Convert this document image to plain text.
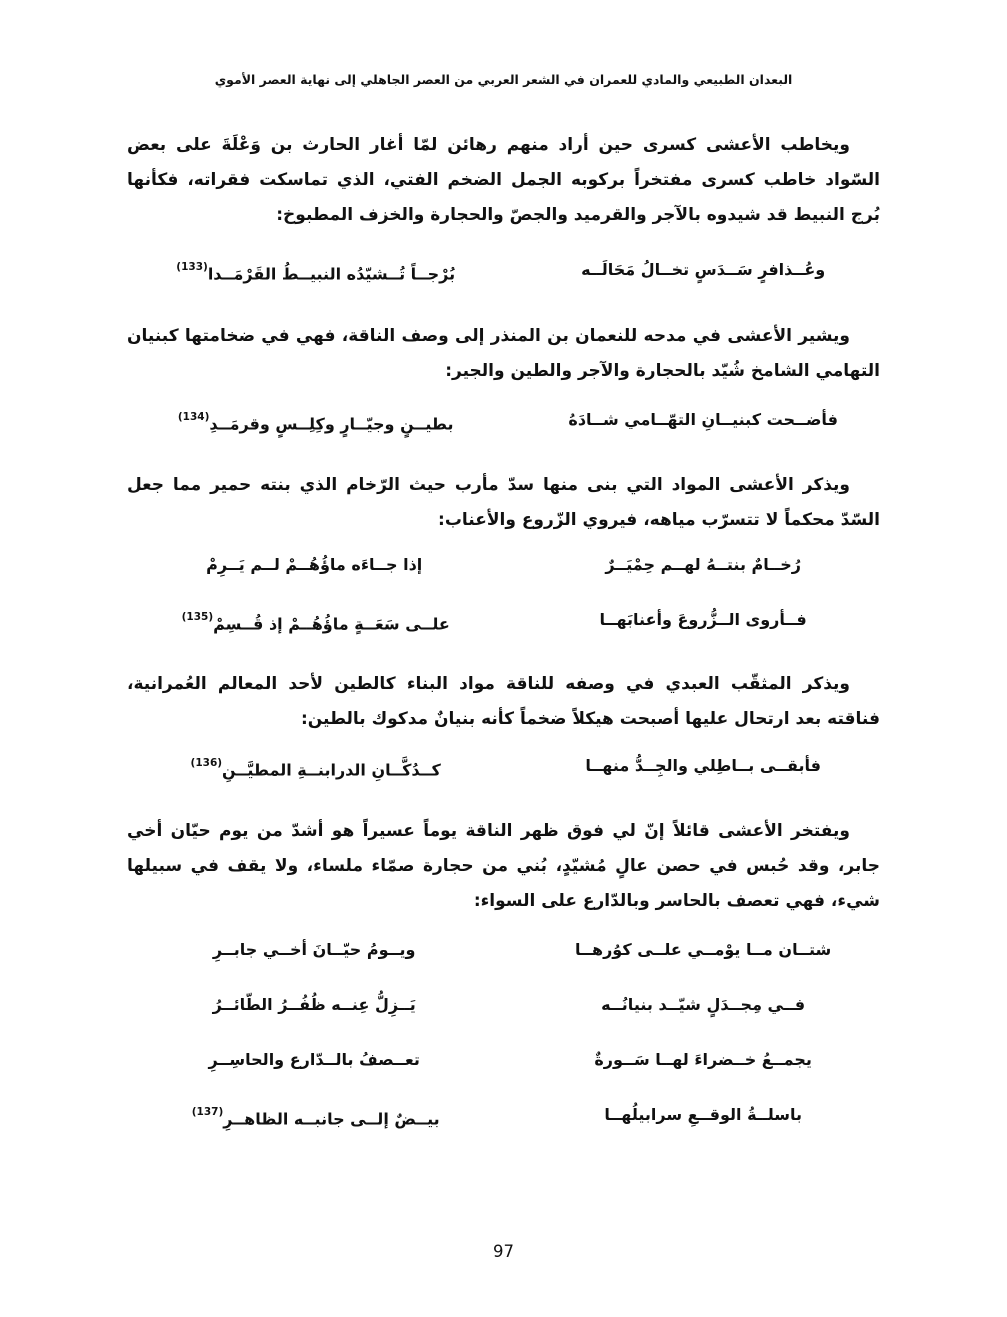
البعدان الطبيعي والمادي للعمران في الشعر العربي من العصر الجاهلي إلى نهاية العصر الأموي

ويخاطب الأعشى كسرى حين أراد منهم رهائن لمّا أغار الحارث بن وَعْلَةَ على بعض السّواد خاطب كسرى مفتخراً بركوبه الجمل الضخم الفتي، الذي تماسكت فقراته، فكأنها بُرج النبيط قد شيدوه بالآجر والقرميد والجصّ والحجارة والخزف المطبوخ:

وعُــذافرٍ سَــدَسٍ تخــالُ مَحَالَــه
بُرْجــاً تُــشيّدُه النبيــطُ القَرْمَــدا$^{(133)}$

ويشير الأعشى في مدحه للنعمان بن المنذر إلى وصف الناقة، فهي في ضخامتها كبنيان التهامي الشامخ شُيّد بالحجارة والآجر والطين والجير:

فأضــحت كبنيــانِ التهّــامي شــادَهُ
بطيــنٍ وجيّــارٍ وكِلِــسٍ وقرمَــدِ$^{(134)}$

ويذكر الأعشى المواد التي بنى منها سدّ مأرب حيث الرّخام الذي بنته حمير مما جعل السّدّ محكماً لا تتسرّب مياهه، فيروي الزّروع والأعناب:

رُخــامٌ بنتــهُ لهــم حِمْيَــرٌ
إذا جــاءَه ماؤُهُــمْ لــم يَــرِمْ
فــأروى الــزُّروعَ وأعنابَهــا
علــى سَعَــةٍ ماؤُهُــمْ إذ قُــسِمْ$^{(135)}$

ويذكر المثقّب العبدي في وصفه للناقة مواد البناء كالطين لأحد المعالم العُمرانية، فناقته بعد ارتحال عليها أصبحت هيكلاً ضخماً كأنه بنيانٌ مدكوك بالطين:

فأبقــى بــاطِلي والجِــدُّ منهــا
كــدُكَّــانِ الدرابنــةِ المطيَّــنِ$^{(136)}$

ويفتخر الأعشى قائلاً إنّ لي فوق ظهر الناقة يوماً عسيراً هو أشدّ من يوم حيّان أخي جابر، وقد حُبس في حصن عالٍ مُشيّدٍ، بُني من حجارة صمّاء ملساء، ولا يقف في سبيلها شيء، فهي تعصف بالحاسر وبالدّارع على السواء:

شتــان مــا يوْمــي علــى كوُرهــا
ويــومُ حيّــانَ أخــي جابــرِ
فــي مِجــدَلٍ شيّــد بنيانُــه
يَــزِلُّ عِنــه ظُفُــرُ الطّائــرُ
يجمــعُ خــضراءَ لهــا سَــورةٌ
تعــصفُ بالــدّارع والحاسِــرِ
باسلــةُ الوقــعِ سرابيلُهــا
بيــضٌ إلــى جانبــه الظاهــرِ$^{(137)}$
97
